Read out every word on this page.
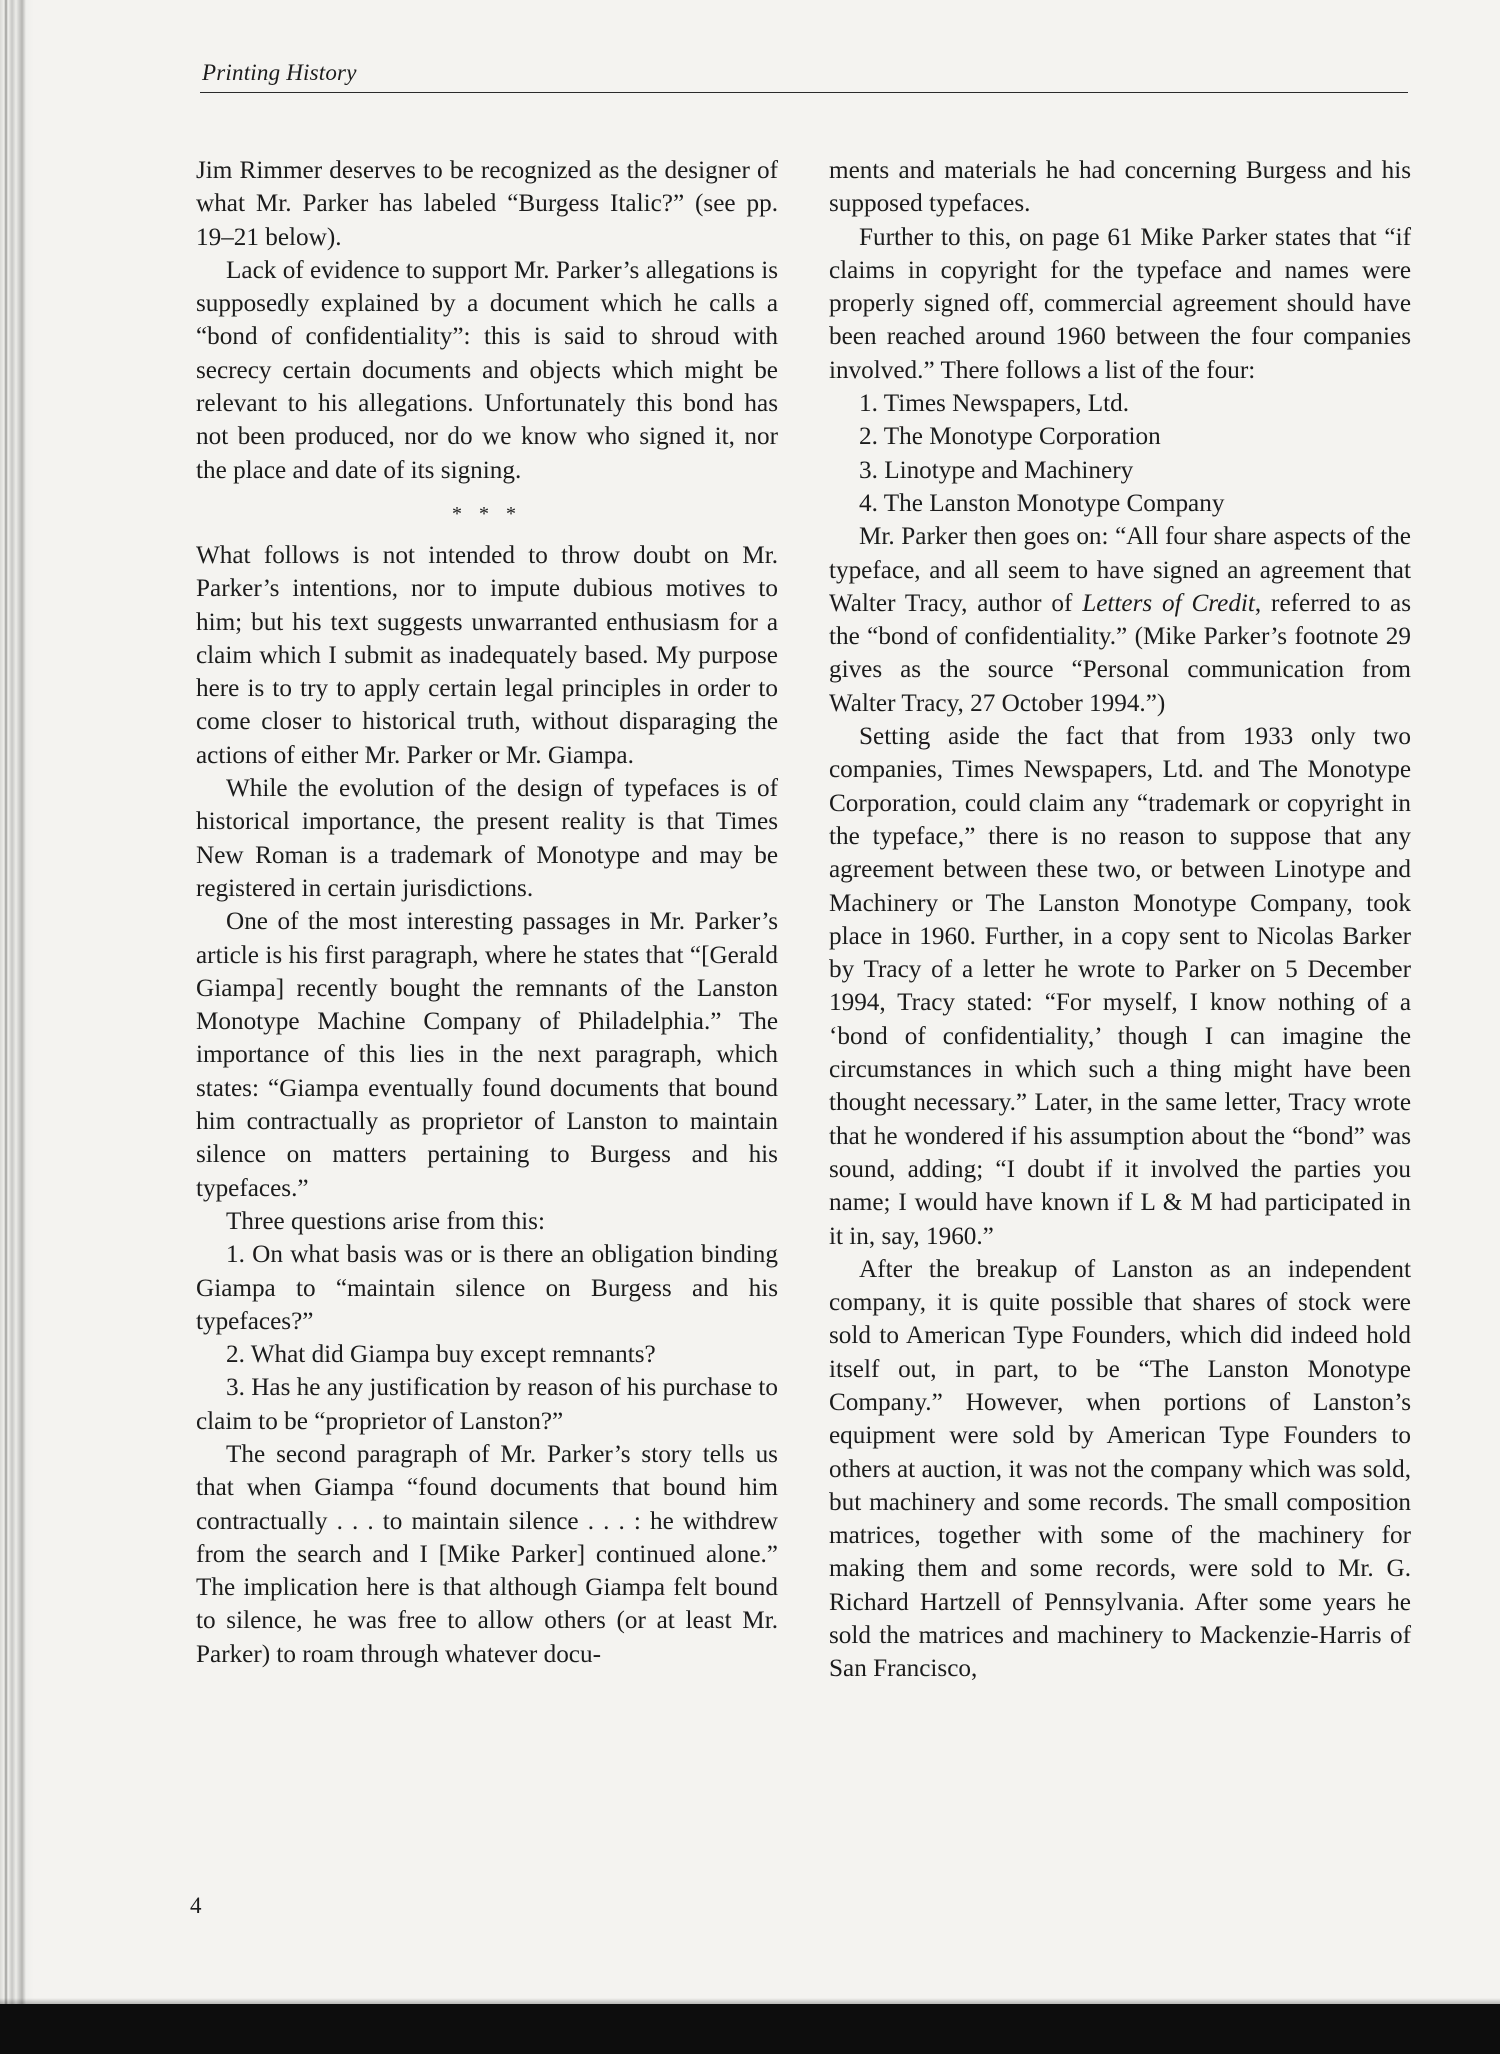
Printing History

Jim Rimmer deserves to be recognized as the designer of what Mr. Parker has labeled “Burgess Italic?” (see pp. 19–21 below).

Lack of evidence to support Mr. Parker’s allegations is supposedly explained by a document which he calls a “bond of confidentiality”: this is said to shroud with secrecy certain documents and objects which might be relevant to his allegations. Unfortunately this bond has not been produced, nor do we know who signed it, nor the place and date of its signing.

* * *

What follows is not intended to throw doubt on Mr. Parker’s intentions, nor to impute dubious motives to him; but his text suggests unwarranted enthusiasm for a claim which I submit as inadequately based. My purpose here is to try to apply certain legal principles in order to come closer to historical truth, without disparaging the actions of either Mr. Parker or Mr. Giampa.

While the evolution of the design of typefaces is of historical importance, the present reality is that Times New Roman is a trademark of Monotype and may be registered in certain jurisdictions.

One of the most interesting passages in Mr. Parker’s article is his first paragraph, where he states that “[Gerald Giampa] recently bought the remnants of the Lanston Monotype Machine Company of Philadelphia.” The importance of this lies in the next paragraph, which states: “Giampa eventually found documents that bound him contractually as proprietor of Lanston to maintain silence on matters pertaining to Burgess and his typefaces.”

Three questions arise from this:

1. On what basis was or is there an obligation binding Giampa to “maintain silence on Burgess and his typefaces?”

2. What did Giampa buy except remnants?

3. Has he any justification by reason of his purchase to claim to be “proprietor of Lanston?”

The second paragraph of Mr. Parker’s story tells us that when Giampa “found documents that bound him contractually . . . to maintain silence . . . : he withdrew from the search and I [Mike Parker] continued alone.” The implication here is that although Giampa felt bound to silence, he was free to allow others (or at least Mr. Parker) to roam through whatever docu-

ments and materials he had concerning Burgess and his supposed typefaces.

Further to this, on page 61 Mike Parker states that “if claims in copyright for the typeface and names were properly signed off, commercial agreement should have been reached around 1960 between the four companies involved.” There follows a list of the four:

1. Times Newspapers, Ltd.

2. The Monotype Corporation

3. Linotype and Machinery

4. The Lanston Monotype Company

Mr. Parker then goes on: “All four share aspects of the typeface, and all seem to have signed an agreement that Walter Tracy, author of Letters of Credit, referred to as the “bond of confidentiality.” (Mike Parker’s footnote 29 gives as the source “Personal communication from Walter Tracy, 27 October 1994.”)

Setting aside the fact that from 1933 only two companies, Times Newspapers, Ltd. and The Monotype Corporation, could claim any “trademark or copyright in the typeface,” there is no reason to suppose that any agreement between these two, or between Linotype and Machinery or The Lanston Monotype Company, took place in 1960. Further, in a copy sent to Nicolas Barker by Tracy of a letter he wrote to Parker on 5 December 1994, Tracy stated: “For myself, I know nothing of a ‘bond of confidentiality,’ though I can imagine the circumstances in which such a thing might have been thought necessary.” Later, in the same letter, Tracy wrote that he wondered if his assumption about the “bond” was sound, adding; “I doubt if it involved the parties you name; I would have known if L & M had participated in it in, say, 1960.”

After the breakup of Lanston as an independent company, it is quite possible that shares of stock were sold to American Type Founders, which did indeed hold itself out, in part, to be “The Lanston Monotype Company.” However, when portions of Lanston’s equipment were sold by American Type Founders to others at auction, it was not the company which was sold, but machinery and some records. The small composition matrices, together with some of the machinery for making them and some records, were sold to Mr. G. Richard Hartzell of Pennsylvania. After some years he sold the matrices and machinery to Mackenzie-Harris of San Francisco,

4
